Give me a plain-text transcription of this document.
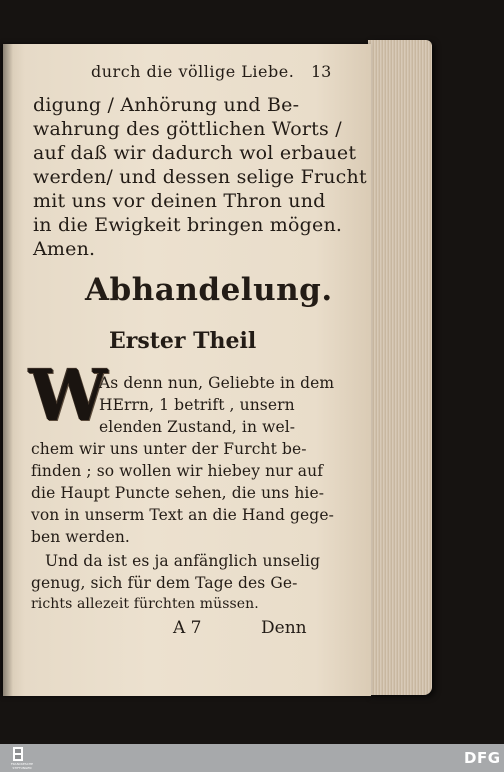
durch die völlige Liebe. 13
digung / Anhörung und Be-
wahrung des göttlichen Worts /
auf daß wir dadurch wol erbauet
werden/ und dessen selige Frucht
mit uns vor deinen Thron und
in die Ewigkeit bringen mögen.
Amen.
Abhandelung.
Erster Theil
W
As denn nun, Geliebte in dem
HErrn, 1 betrift , unsern
elenden Zustand, in wel-
chem wir uns unter der Furcht be-
finden ; so wollen wir hiebey nur auf
die Haupt Puncte sehen, die uns hie-
von in unserm Text an die Hand gege-
ben werden.
Und da ist es ja anfänglich unselig
genug, sich für dem Tage des Ge-
richts allezeit fürchten müssen.
A 7	Denn
FRANCKESCHE STIFTUNGEN
DFG
